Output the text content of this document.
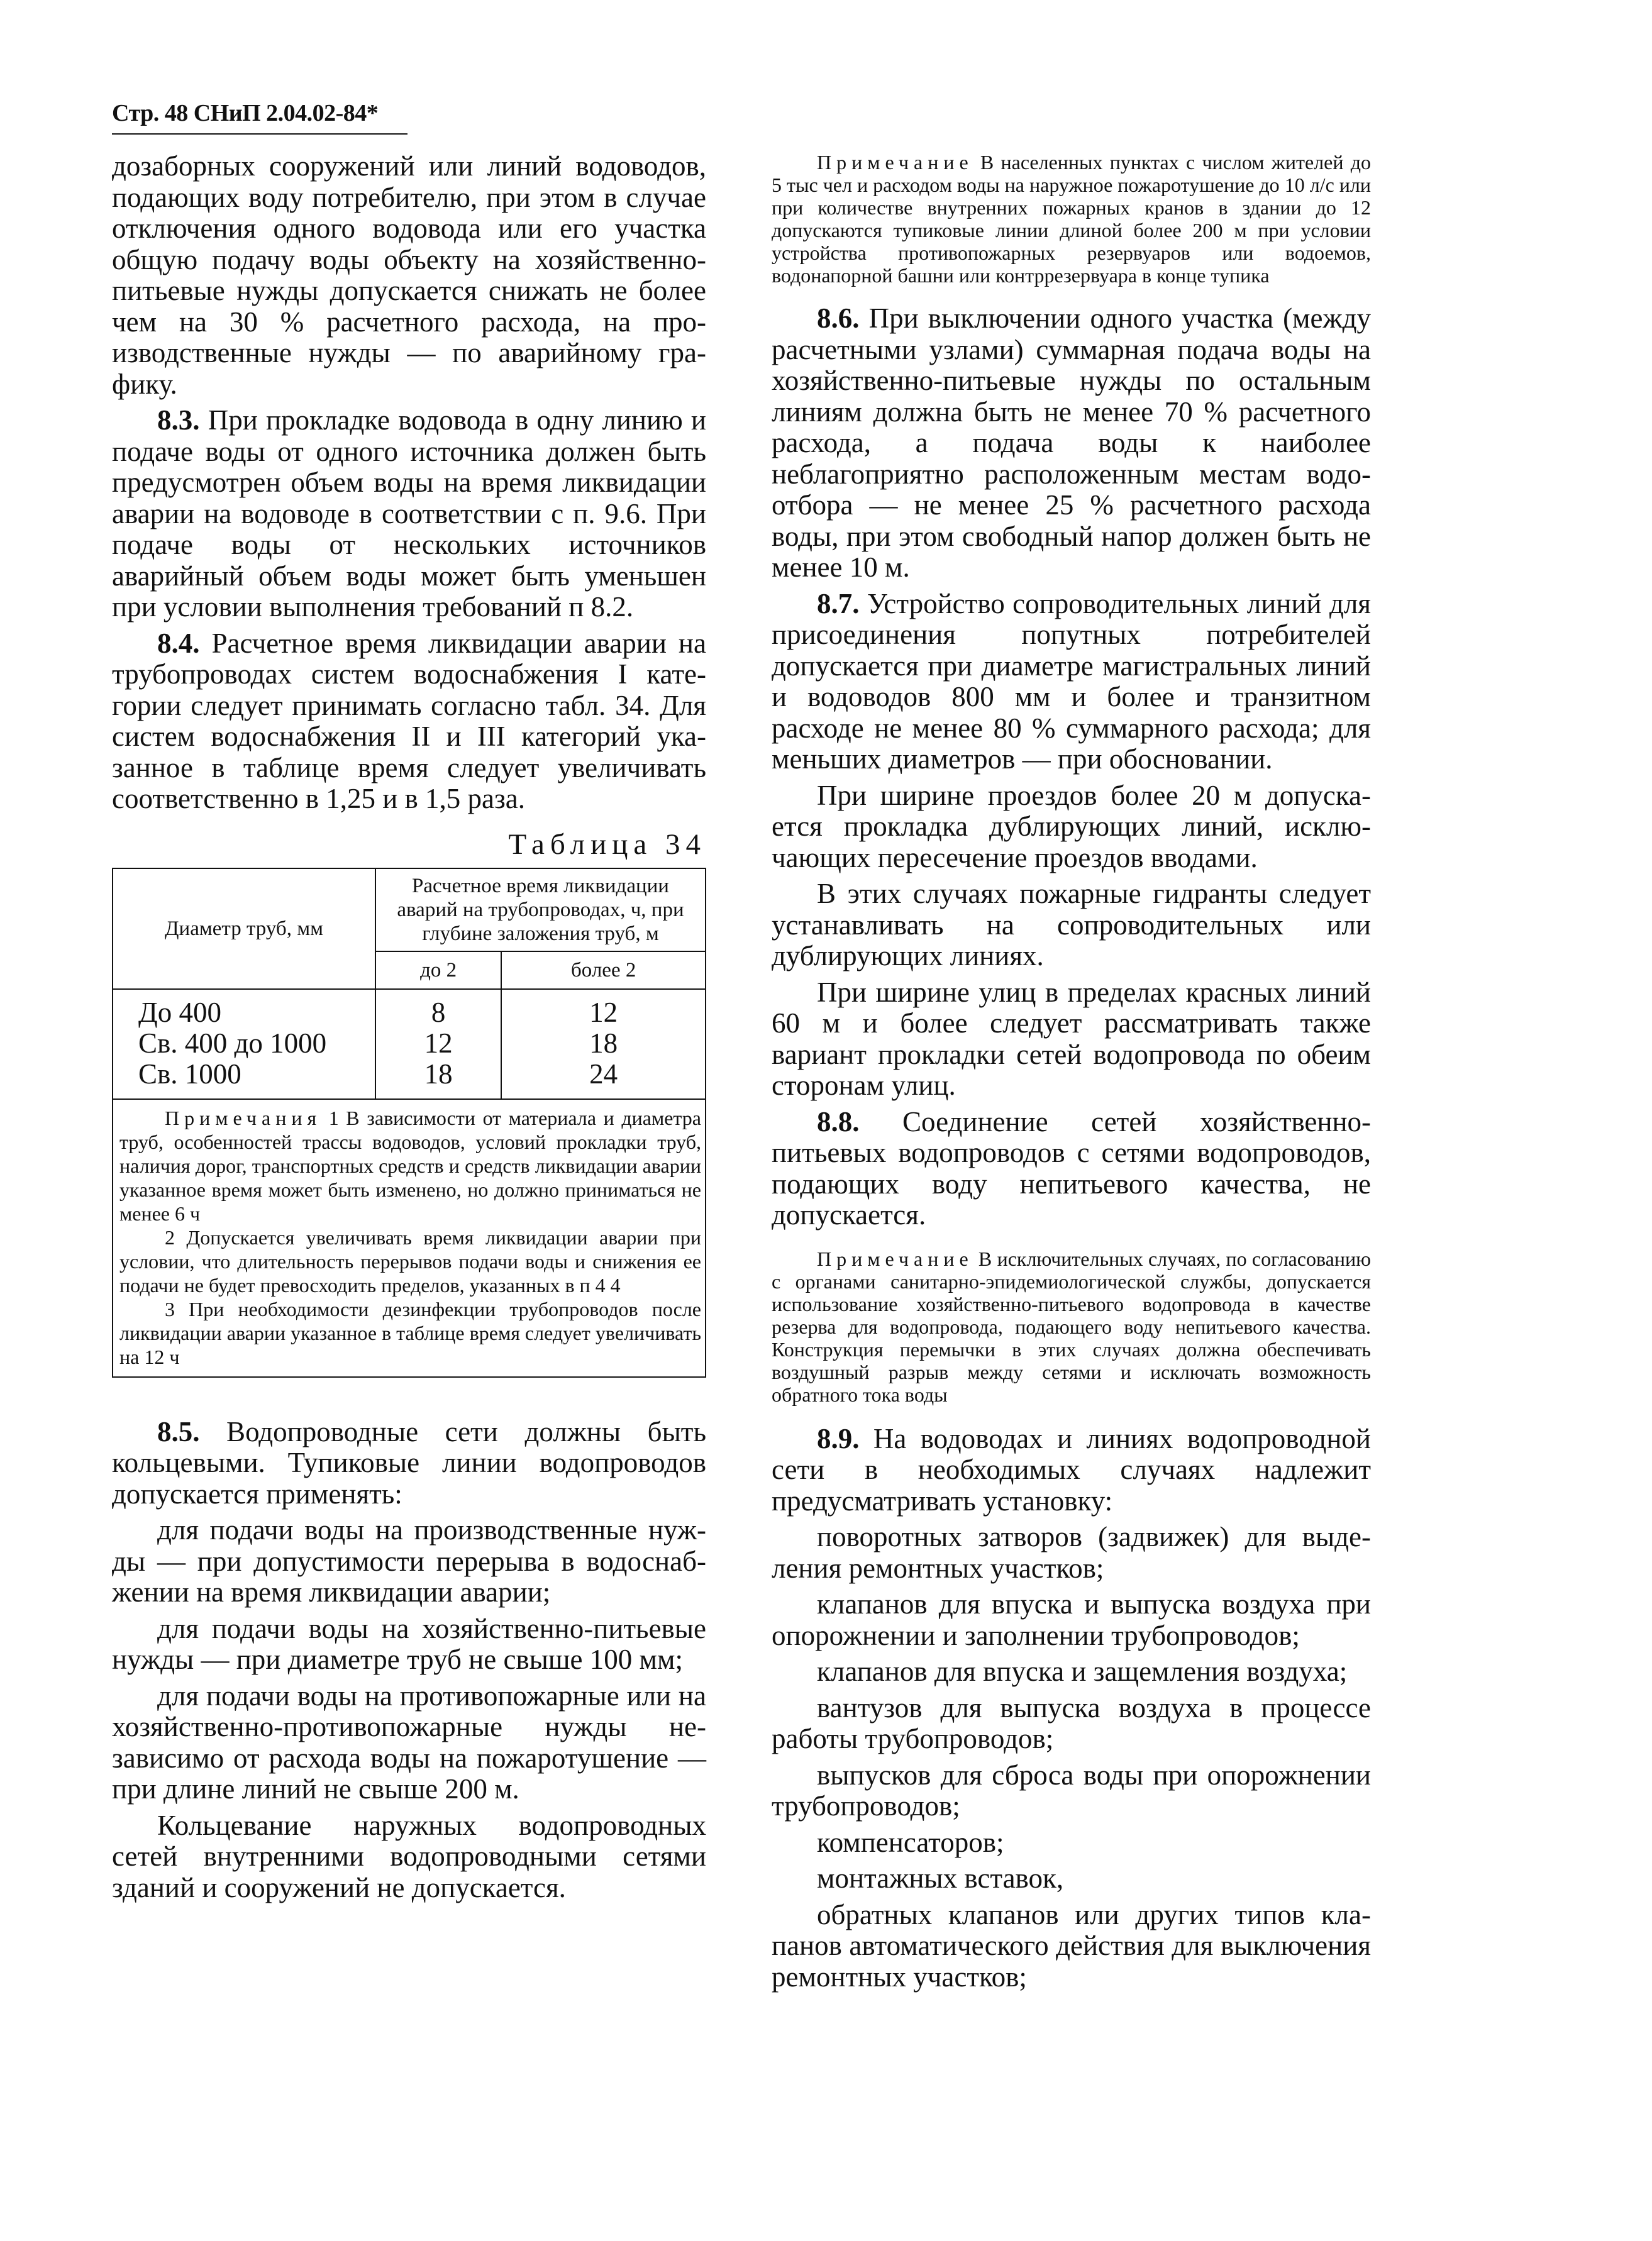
Стр. 48 СНиП 2.04.02-84*

дозаборных сооружений или линий водоводов, подающих воду потребителю, при этом в случае отключения одного водовода или его участка общую подачу воды объекту на хозяйственно-питьевые нужды допускается снижать не более чем на 30 % расчетного расхода, на производственные нужды — по аварийному графику.

8.3. При прокладке водовода в одну линию и подаче воды от одного источника должен быть предусмотрен объем воды на время ликвидации аварии на водоводе в соответствии с п. 9.6. При подаче воды от нескольких источников аварийный объем воды может быть уменьшен при условии выполнения требований п 8.2.

8.4. Расчетное время ликвидации аварии на трубопроводах систем водоснабжения I категории следует принимать согласно табл. 34. Для систем водоснабжения II и III категорий указанное в таблице время следует увеличивать соответственно в 1,25 и в 1,5 раза.

Таблица 34
Диаметр труб, мм	Расчетное время ликвидации аварий на трубопроводах, ч, при глубине заложения труб, м	
	до 2	более 2
До 400	8	12
Св. 400 до 1000	12	18
Св. 1000	18	24

Примечания 1 В зависимости от материала и диаметра труб, особенностей трассы водоводов, условий прокладки труб, наличия дорог, транспортных средств и средств ликвидации аварии указанное время может быть изменено, но должно приниматься не менее 6 ч

2 Допускается увеличивать время ликвидации аварии при условии, что длительность перерывов подачи воды и снижения ее подачи не будет превосходить пределов, указанных в п 4 4

3 При необходимости дезинфекции трубопроводов после ликвидации аварии указанное в таблице время следует увеличивать на 12 ч

8.5. Водопроводные сети должны быть кольцевыми. Тупиковые линии водопроводов допускается применять:

для подачи воды на производственные нужды — при допустимости перерыва в водоснабжении на время ликвидации аварии;

для подачи воды на хозяйственно-питьевые нужды — при диаметре труб не свыше 100 мм;

для подачи воды на противопожарные или на хозяйственно-противопожарные нужды независимо от расхода воды на пожаротушение — при длине линий не свыше 200 м.

Кольцевание наружных водопроводных сетей внутренними водопроводными сетями зданий и сооружений не допускается.

Примечание В населенных пунктах с числом жителей до 5 тыс чел и расходом воды на наружное пожаротушение до 10 л/с или при количестве внутренних пожарных кранов в здании до 12 допускаются тупиковые линии длиной более 200 м при условии устройства противопожарных резервуаров или водоемов, водонапорной башни или контррезервуара в конце тупика

8.6. При выключении одного участка (между расчетными узлами) суммарная подача воды на хозяйственно-питьевые нужды по остальным линиям должна быть не менее 70 % расчетного расхода, а подача воды к наиболее неблагоприятно расположенным местам водоотбора — не менее 25 % расчетного расхода воды, при этом свободный напор должен быть не менее 10 м.

8.7. Устройство сопроводительных линий для присоединения попутных потребителей допускается при диаметре магистральных линий и водоводов 800 мм и более и транзитном расходе не менее 80 % суммарного расхода; для меньших диаметров — при обосновании.

При ширине проездов более 20 м допускается прокладка дублирующих линий, исключающих пересечение проездов вводами.

В этих случаях пожарные гидранты следует устанавливать на сопроводительных или дублирующих линиях.

При ширине улиц в пределах красных линий 60 м и более следует рассматривать также вариант прокладки сетей водопровода по обеим сторонам улиц.

8.8. Соединение сетей хозяйственно-питьевых водопроводов с сетями водопроводов, подающих воду непитьевого качества, не допускается.

Примечание В исключительных случаях, по согласованию с органами санитарно-эпидемиологической службы, допускается использование хозяйственно-питьевого водопровода в качестве резерва для водопровода, подающего воду непитьевого качества. Конструкция перемычки в этих случаях должна обеспечивать воздушный разрыв между сетями и исключать возможность обратного тока воды

8.9. На водоводах и линиях водопроводной сети в необходимых случаях надлежит предусматривать установку:

поворотных затворов (задвижек) для выделения ремонтных участков;

клапанов для впуска и выпуска воздуха при опорожнении и заполнении трубопроводов;

клапанов для впуска и защемления воздуха;

вантузов для выпуска воздуха в процессе работы трубопроводов;

выпусков для сброса воды при опорожнении трубопроводов;

компенсаторов;

монтажных вставок,

обратных клапанов или других типов клапанов автоматического действия для выключения ремонтных участков;
